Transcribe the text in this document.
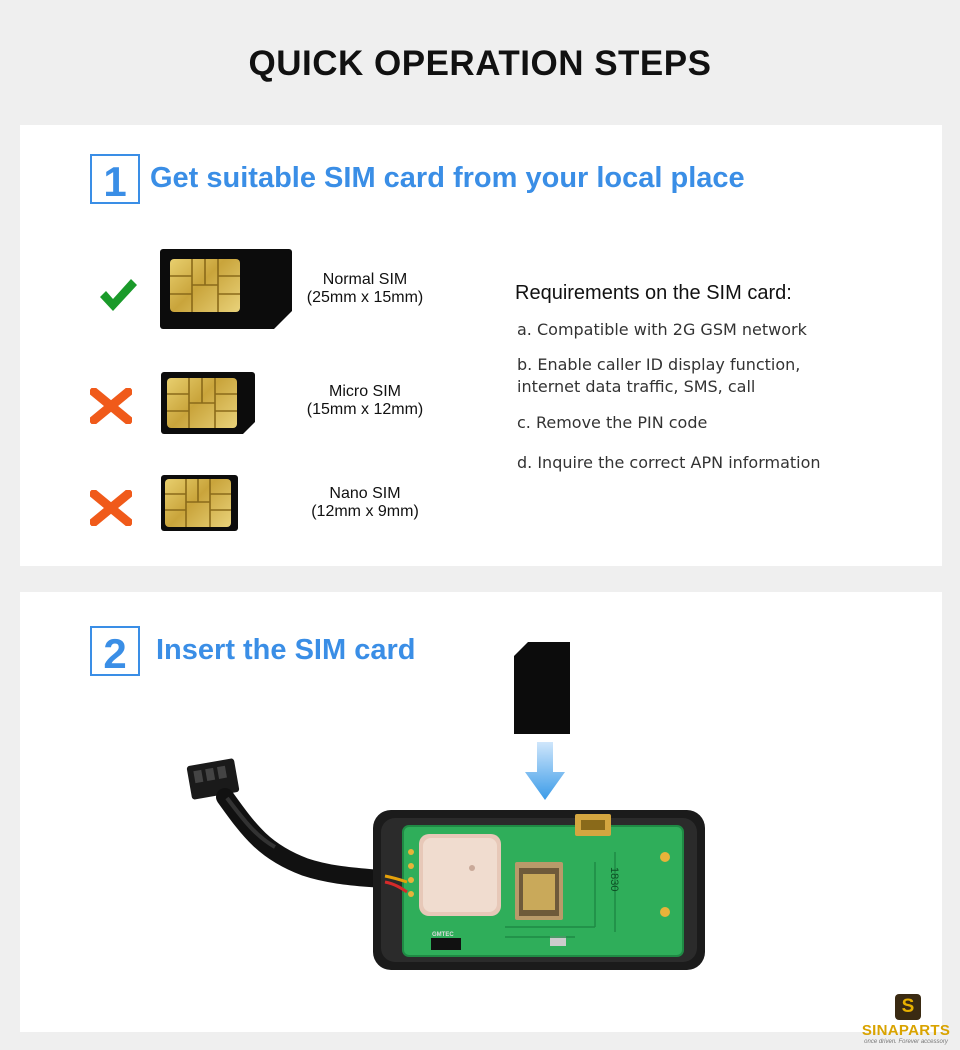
QUICK OPERATION STEPS
1 Get suitable SIM card from your local place
Normal SIM
(25mm x 15mm)
Micro SIM
(15mm x 12mm)
Nano SIM
(12mm x 9mm)
Requirements on the SIM card:
a. Compatible with 2G GSM network
b. Enable caller ID display function,
internet data traffic, SMS, call
c. Remove the PIN code
d. Inquire the correct APN information
2	Insert the SIM card
1830
GMTEC
S
SINAPARTS
once driven. Forever accessory
